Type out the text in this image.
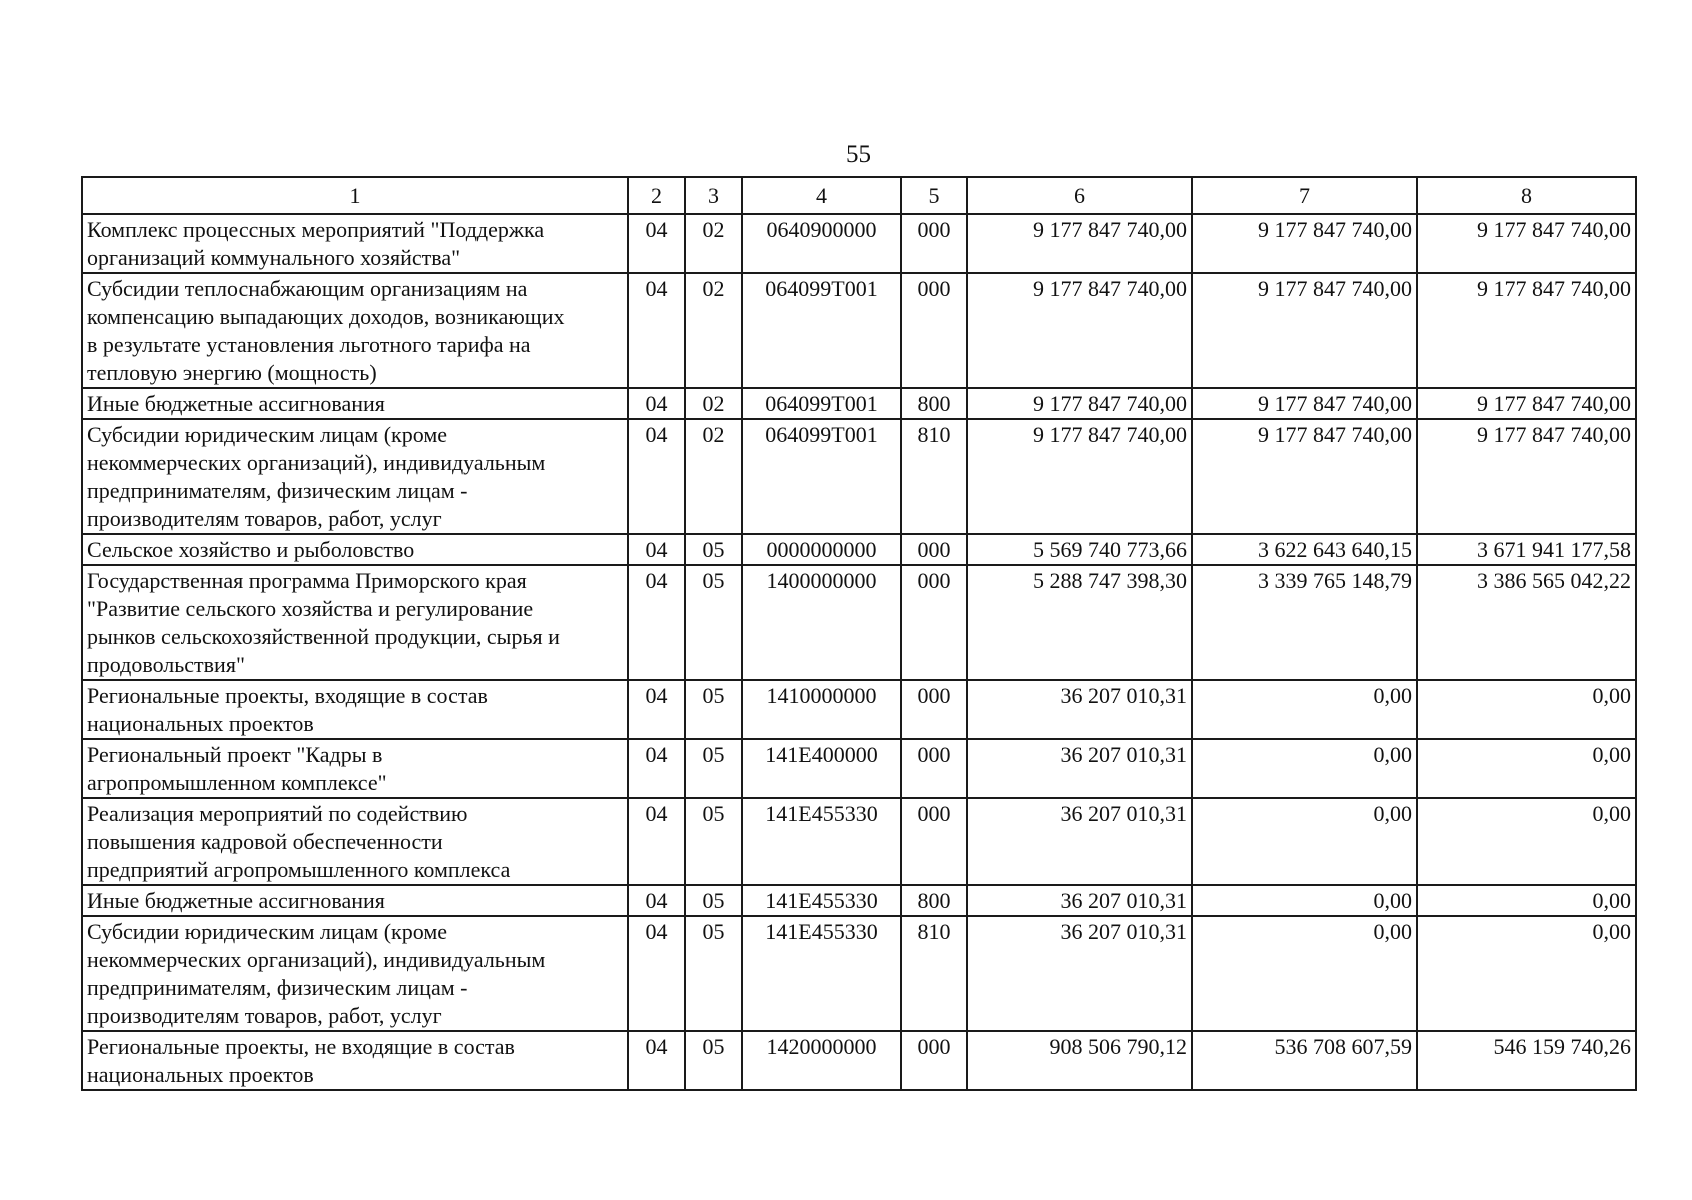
55
1	2	3	4	5	6	7	8

Комплекс процессных мероприятий "Поддержка
организаций коммунального хозяйства"	04	02	0640900000	000	9 177 847 740,00	9 177 847 740,00	9 177 847 740,00

Субсидии теплоснабжающим организациям на
компенсацию выпадающих доходов, возникающих
в результате установления льготного тарифа на
тепловую энергию (мощность)	04	02	064099Т001	000	9 177 847 740,00	9 177 847 740,00	9 177 847 740,00

Иные бюджетные ассигнования	04	02	064099Т001	800	9 177 847 740,00	9 177 847 740,00	9 177 847 740,00

Субсидии юридическим лицам (кроме
некоммерческих организаций), индивидуальным
предпринимателям, физическим лицам -
производителям товаров, работ, услуг	04	02	064099Т001	810	9 177 847 740,00	9 177 847 740,00	9 177 847 740,00

Сельское хозяйство и рыболовство	04	05	0000000000	000	5 569 740 773,66	3 622 643 640,15	3 671 941 177,58

Государственная программа Приморского края
"Развитие сельского хозяйства и регулирование
рынков сельскохозяйственной продукции, сырья и
продовольствия"	04	05	1400000000	000	5 288 747 398,30	3 339 765 148,79	3 386 565 042,22

Региональные проекты, входящие в состав
национальных проектов	04	05	1410000000	000	36 207 010,31	0,00	0,00

Региональный проект "Кадры в
агропромышленном комплексе"	04	05	141Е400000	000	36 207 010,31	0,00	0,00

Реализация мероприятий по содействию
повышения кадровой обеспеченности
предприятий агропромышленного комплекса	04	05	141Е455330	000	36 207 010,31	0,00	0,00

Иные бюджетные ассигнования	04	05	141Е455330	800	36 207 010,31	0,00	0,00

Субсидии юридическим лицам (кроме
некоммерческих организаций), индивидуальным
предпринимателям, физическим лицам -
производителям товаров, работ, услуг	04	05	141Е455330	810	36 207 010,31	0,00	0,00

Региональные проекты, не входящие в состав
национальных проектов	04	05	1420000000	000	908 506 790,12	536 708 607,59	546 159 740,26
